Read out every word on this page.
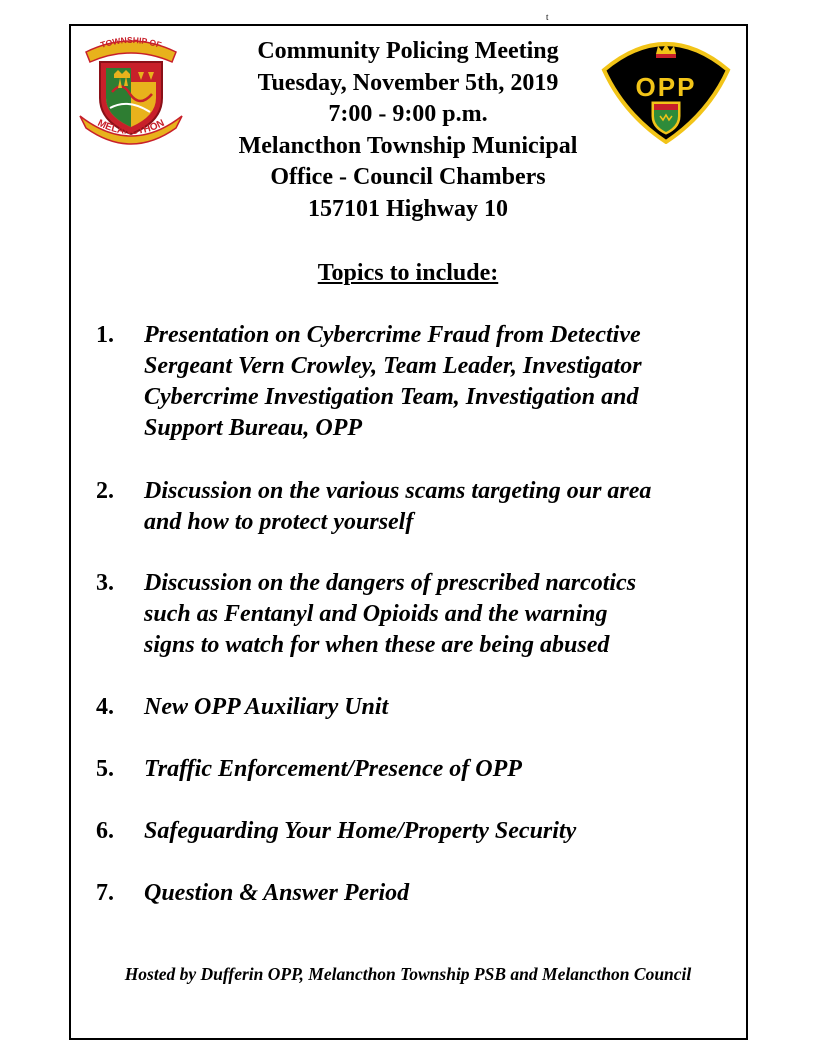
t
TOWNSHIP OF
MELANCTHON
OPP
Community Policing Meeting
Tuesday, November 5th, 2019
7:00 - 9:00 p.m.
Melancthon Township Municipal
Office - Council Chambers
157101 Highway 10
Topics to include:
1. Presentation on Cybercrime Fraud from Detective
Sergeant Vern Crowley, Team Leader, Investigator
Cybercrime Investigation Team, Investigation and
Support Bureau, OPP
2. Discussion on the various scams targeting our area
and how to protect yourself
3. Discussion on the dangers of prescribed narcotics
such as Fentanyl and Opioids and the warning
signs to watch for when these are being abused
4. New OPP Auxiliary Unit
5. Traffic Enforcement/Presence of OPP
6. Safeguarding Your Home/Property Security
7. Question & Answer Period
Hosted by Dufferin OPP, Melancthon Township PSB and Melancthon Council
